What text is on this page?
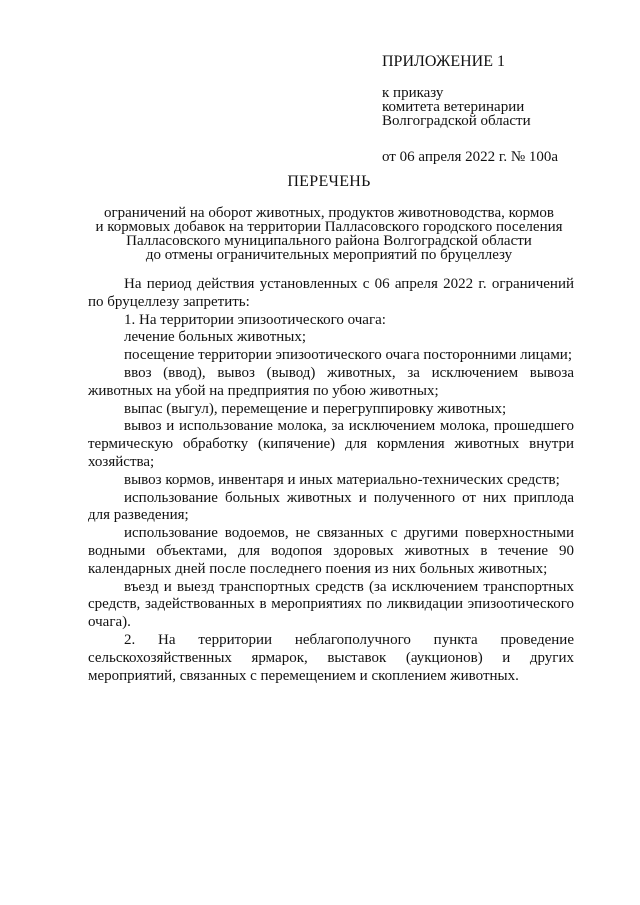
ПРИЛОЖЕНИЕ 1

к приказу

комитета ветеринарии

Волгоградской области

от 06 апреля 2022 г. № 100а

ПЕРЕЧЕНЬ

ограничений на оборот животных, продуктов животноводства, кормов

и кормовых добавок на территории Палласовского городского поселения

Палласовского муниципального района Волгоградской области

до отмены ограничительных мероприятий по бруцеллезу

На период действия установленных с 06 апреля 2022 г. ограничений по бруцеллезу запретить:

1. На территории эпизоотического очага:

лечение больных животных;

посещение территории эпизоотического очага посторонними лицами;

ввоз (ввод), вывоз (вывод) животных, за исключением вывоза животных на убой на предприятия по убою животных;

выпас (выгул), перемещение и перегруппировку животных;

вывоз и использование молока, за исключением молока, прошедшего термическую обработку (кипячение) для кормления животных внутри хозяйства;

вывоз кормов, инвентаря и иных материально-технических средств;

использование больных животных и полученного от них приплода для разведения;

использование водоемов, не связанных с другими поверхностными водными объектами, для водопоя здоровых животных в течение 90 календарных дней после последнего поения из них больных животных;

въезд и выезд транспортных средств (за исключением транспортных средств, задействованных в мероприятиях по ликвидации эпизоотического очага).

2. На территории неблагополучного пункта проведение сельскохозяйственных ярмарок, выставок (аукционов) и других мероприятий, связанных с перемещением и скоплением животных.
